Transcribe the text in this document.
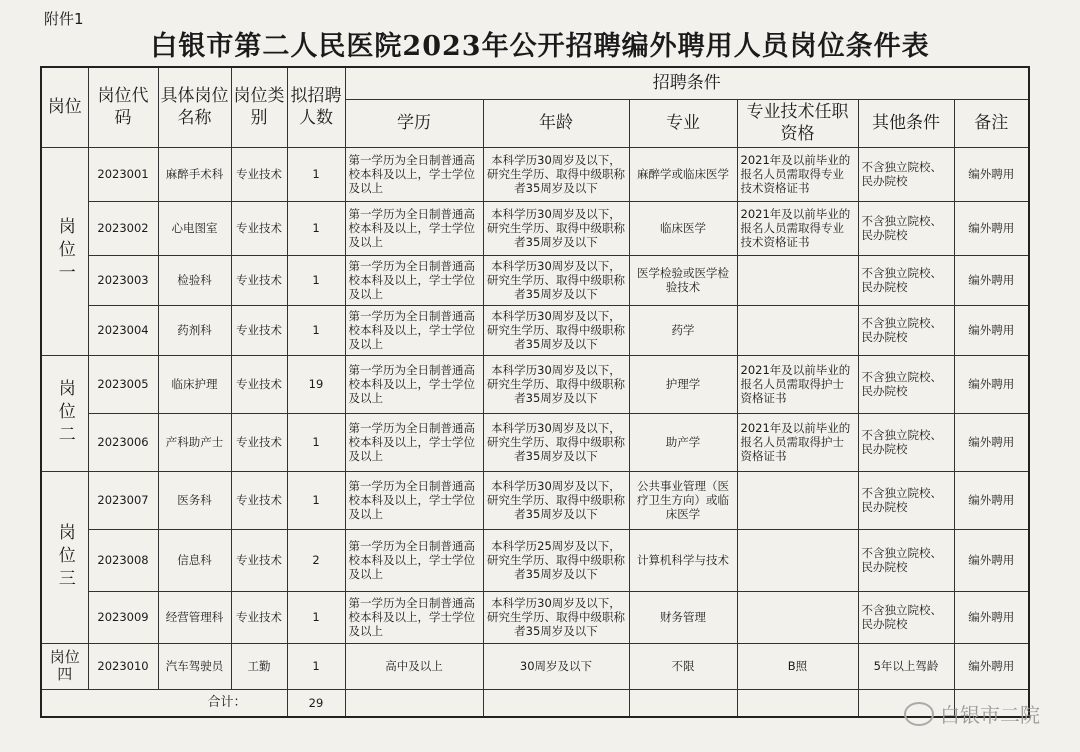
附件1
白银市第二人民医院2023年公开招聘编外聘用人员岗位条件表
岗位	岗位代码	具体岗位名称	岗位类别	拟招聘人数	招聘条件					
					学历	年龄	专业	专业技术任职资格	其他条件	备注
岗位一	2023001	麻醉手术科	专业技术	1	第一学历为全日制普通高校本科及以上，学士学位及以上	本科学历30周岁及以下，研究生学历、取得中级职称者35周岁及以下	麻醉学或临床医学	2021年及以前毕业的报名人员需取得专业技术资格证书	不含独立院校、民办院校	编外聘用
	2023002	心电图室	专业技术	1	第一学历为全日制普通高校本科及以上，学士学位及以上	本科学历30周岁及以下，研究生学历、取得中级职称者35周岁及以下	临床医学	2021年及以前毕业的报名人员需取得专业技术资格证书	不含独立院校、民办院校	编外聘用
	2023003	检验科	专业技术	1	第一学历为全日制普通高校本科及以上，学士学位及以上	本科学历30周岁及以下，研究生学历、取得中级职称者35周岁及以下	医学检验或医学检验技术		不含独立院校、民办院校	编外聘用
	2023004	药剂科	专业技术	1	第一学历为全日制普通高校本科及以上，学士学位及以上	本科学历30周岁及以下，研究生学历、取得中级职称者35周岁及以下	药学		不含独立院校、民办院校	编外聘用
岗位二	2023005	临床护理	专业技术	19	第一学历为全日制普通高校本科及以上，学士学位及以上	本科学历30周岁及以下，研究生学历、取得中级职称者35周岁及以下	护理学	2021年及以前毕业的报名人员需取得护士资格证书	不含独立院校、民办院校	编外聘用
	2023006	产科助产士	专业技术	1	第一学历为全日制普通高校本科及以上，学士学位及以上	本科学历30周岁及以下，研究生学历、取得中级职称者35周岁及以下	助产学	2021年及以前毕业的报名人员需取得护士资格证书	不含独立院校、民办院校	编外聘用
岗位三	2023007	医务科	专业技术	1	第一学历为全日制普通高校本科及以上，学士学位及以上	本科学历30周岁及以下，研究生学历、取得中级职称者35周岁及以下	公共事业管理（医疗卫生方向）或临床医学		不含独立院校、民办院校	编外聘用
	2023008	信息科	专业技术	2	第一学历为全日制普通高校本科及以上，学士学位及以上	本科学历25周岁及以下，研究生学历、取得中级职称者35周岁及以下	计算机科学与技术		不含独立院校、民办院校	编外聘用
	2023009	经营管理科	专业技术	1	第一学历为全日制普通高校本科及以上，学士学位及以上	本科学历30周岁及以下，研究生学历、取得中级职称者35周岁及以下	财务管理		不含独立院校、民办院校	编外聘用
岗位四	2023010	汽车驾驶员	工勤	1	高中及以上	30周岁及以下	不限	B照	5年以上驾龄	编外聘用
合计：				29						
白银市二院
